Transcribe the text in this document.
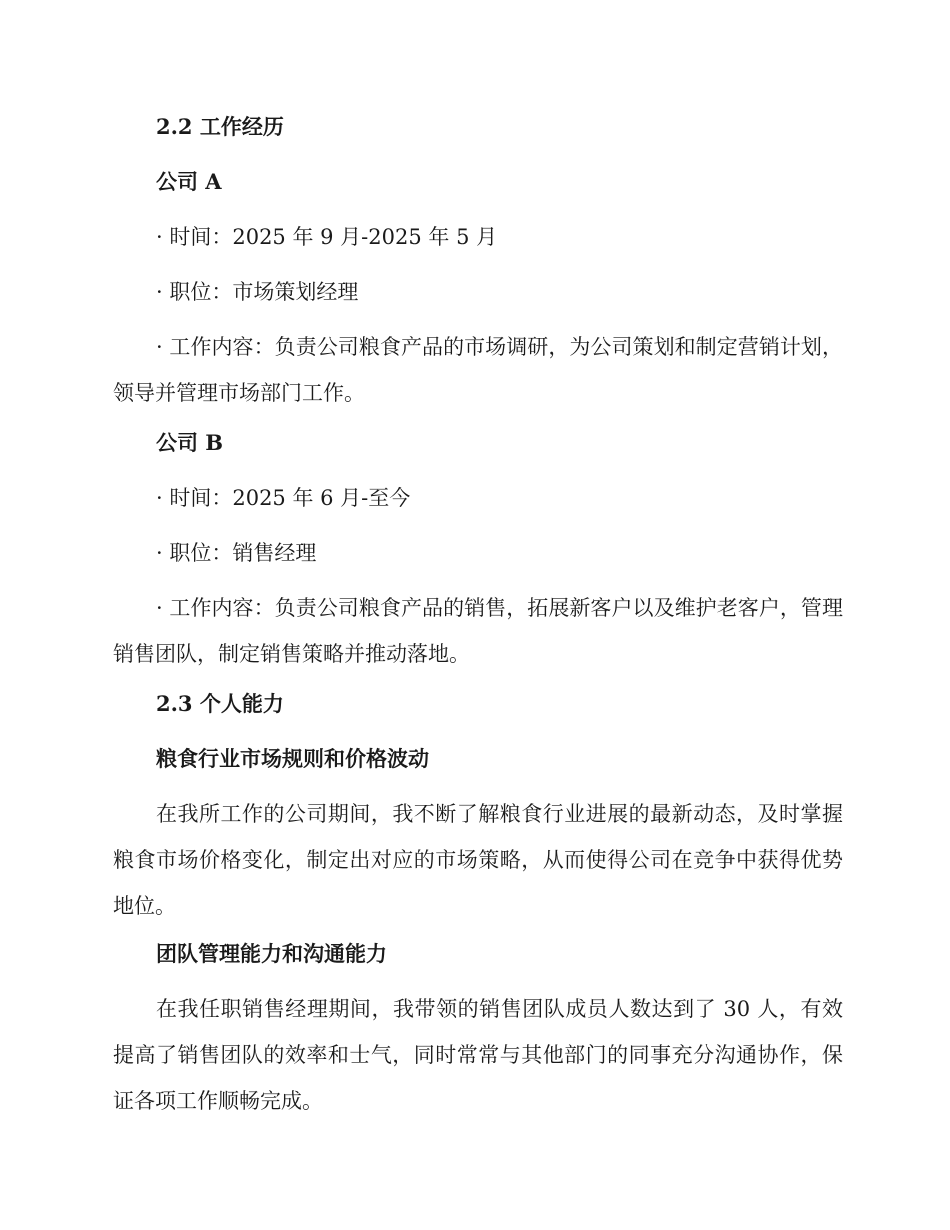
2.2 工作经历
公司 A
· 时间：2025 年 9 月-2025 年 5 月
· 职位：市场策划经理
· 工作内容：负责公司粮食产品的市场调研，为公司策划和制定营销计划，领导并管理市场部门工作。
公司 B
· 时间：2025 年 6 月-至今
· 职位：销售经理
· 工作内容：负责公司粮食产品的销售，拓展新客户以及维护老客户，管理销售团队，制定销售策略并推动落地。
2.3 个人能力
粮食行业市场规则和价格波动
在我所工作的公司期间，我不断了解粮食行业进展的最新动态，及时掌握粮食市场价格变化，制定出对应的市场策略，从而使得公司在竞争中获得优势地位。
团队管理能力和沟通能力
在我任职销售经理期间，我带领的销售团队成员人数达到了 30 人，有效提高了销售团队的效率和士气，同时常常与其他部门的同事充分沟通协作，保证各项工作顺畅完成。
